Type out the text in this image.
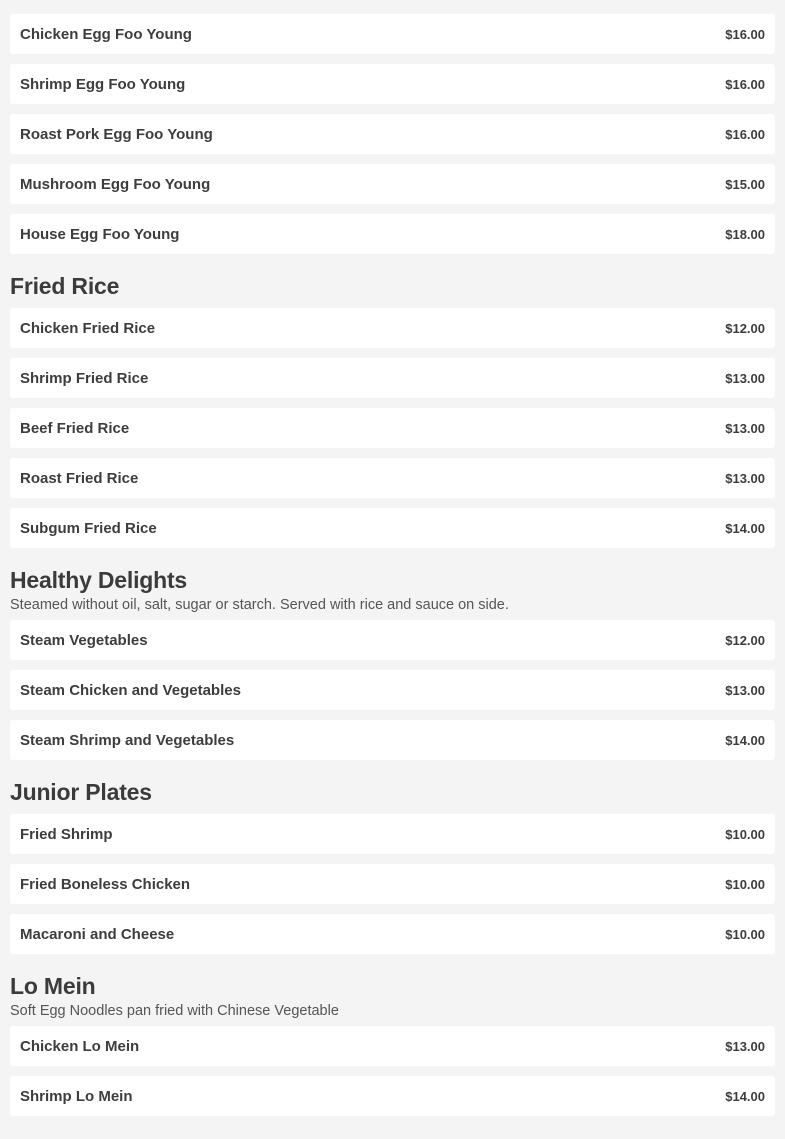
Chicken Egg Foo Young	$16.00
Shrimp Egg Foo Young	$16.00
Roast Pork Egg Foo Young	$16.00
Mushroom Egg Foo Young	$15.00
House Egg Foo Young	$18.00
Fried Rice
Chicken Fried Rice	$12.00
Shrimp Fried Rice	$13.00
Beef Fried Rice	$13.00
Roast Fried Rice	$13.00
Subgum Fried Rice	$14.00
Healthy Delights
Steamed without oil, salt, sugar or starch. Served with rice and sauce on side.
Steam Vegetables	$12.00
Steam Chicken and Vegetables	$13.00
Steam Shrimp and Vegetables	$14.00
Junior Plates
Fried Shrimp	$10.00
Fried Boneless Chicken	$10.00
Macaroni and Cheese	$10.00
Lo Mein
Soft Egg Noodles pan fried with Chinese Vegetable
Chicken Lo Mein	$13.00
Shrimp Lo Mein	$14.00
